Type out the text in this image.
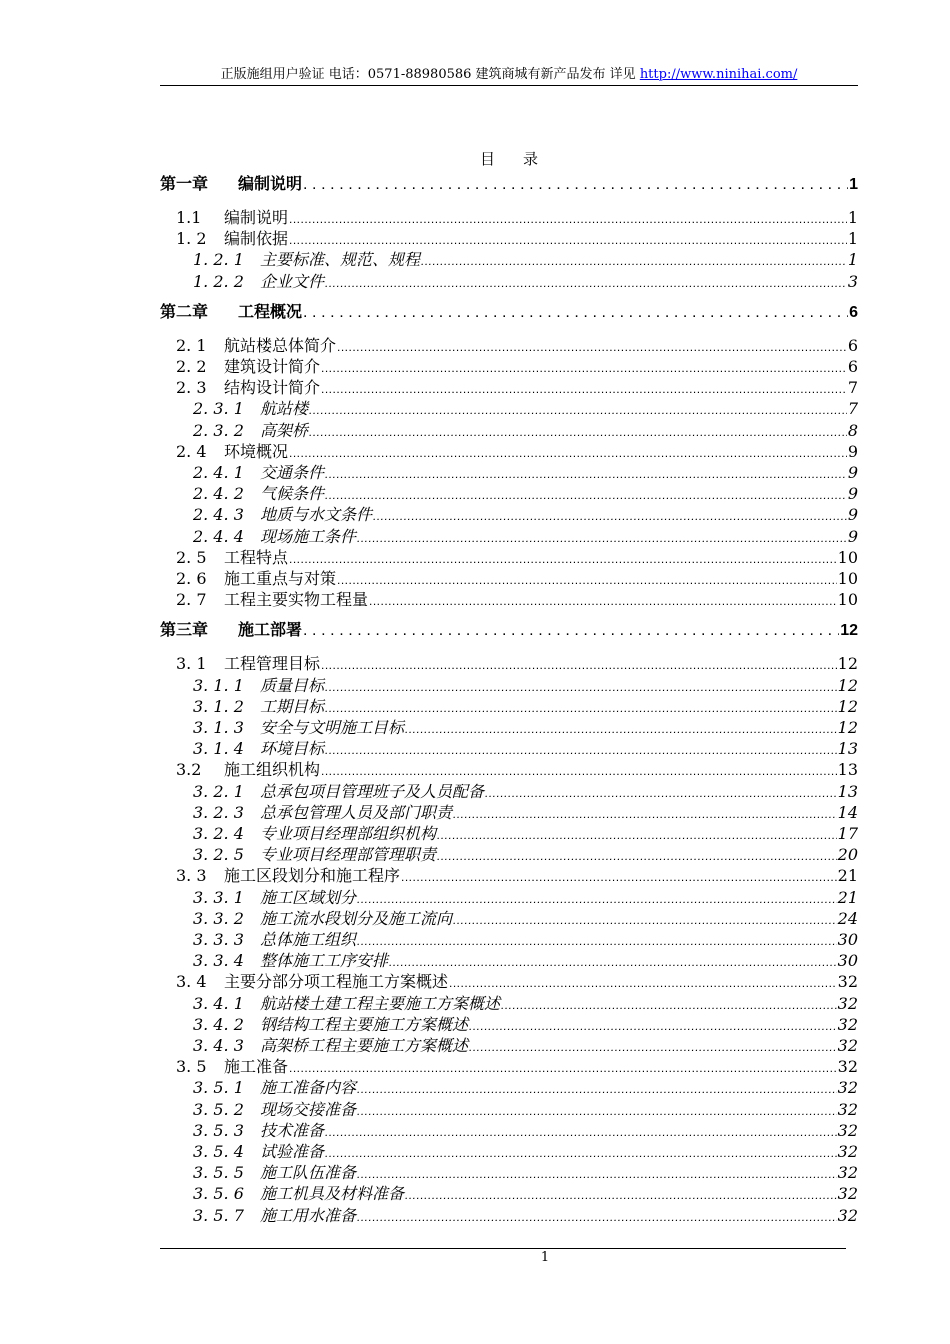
正版施组用户验证 电话：0571-88980586 建筑商城有新产品发布 详见 http://www.ninihai.com/
目录
第一章	编制说明 .....	1
1.1	编制说明 .....	1
1. 2	编制依据 .....	1
1. 2. 1	主要标准、规范、规程 .....	1
1. 2. 2	企业文件 .....	3
第二章	工程概况 .....	6
2. 1	航站楼总体简介 .....	6
2. 2	建筑设计简介 .....	6
2. 3	结构设计简介 .....	7
2. 3. 1	航站楼 .....	7
2. 3. 2	高架桥 .....	8
2. 4	环境概况 .....	9
2. 4. 1	交通条件 .....	9
2. 4. 2	气候条件 .....	9
2. 4. 3	地质与水文条件 .....	9
2. 4. 4	现场施工条件 .....	9
2. 5	工程特点 .....	10
2. 6	施工重点与对策 .....	10
2. 7	工程主要实物工程量 .....	10
第三章	施工部署 .....	12
3. 1	工程管理目标 .....	12
3. 1. 1	质量目标 .....	12
3. 1. 2	工期目标 .....	12
3. 1. 3	安全与文明施工目标 .....	12
3. 1. 4	环境目标 .....	13
3.2	施工组织机构 .....	13
3. 2. 1	总承包项目管理班子及人员配备 .....	13
3. 2. 3	总承包管理人员及部门职责 .....	14
3. 2. 4	专业项目经理部组织机构 .....	17
3. 2. 5	专业项目经理部管理职责 .....	20
3. 3	施工区段划分和施工程序 .....	21
3. 3. 1	施工区域划分 .....	21
3. 3. 2	施工流水段划分及施工流向 .....	24
3. 3. 3	总体施工组织 .....	30
3. 3. 4	整体施工工序安排 .....	30
3. 4	主要分部分项工程施工方案概述 .....	32
3. 4. 1	航站楼土建工程主要施工方案概述 .....	32
3. 4. 2	钢结构工程主要施工方案概述 .....	32
3. 4. 3	高架桥工程主要施工方案概述 .....	32
3. 5	施工准备 .....	32
3. 5. 1	施工准备内容 .....	32
3. 5. 2	现场交接准备 .....	32
3. 5. 3	技术准备 .....	32
3. 5. 4	试验准备 .....	32
3. 5. 5	施工队伍准备 .....	32
3. 5. 6	施工机具及材料准备 .....	32
3. 5. 7	施工用水准备 .....	32
1
